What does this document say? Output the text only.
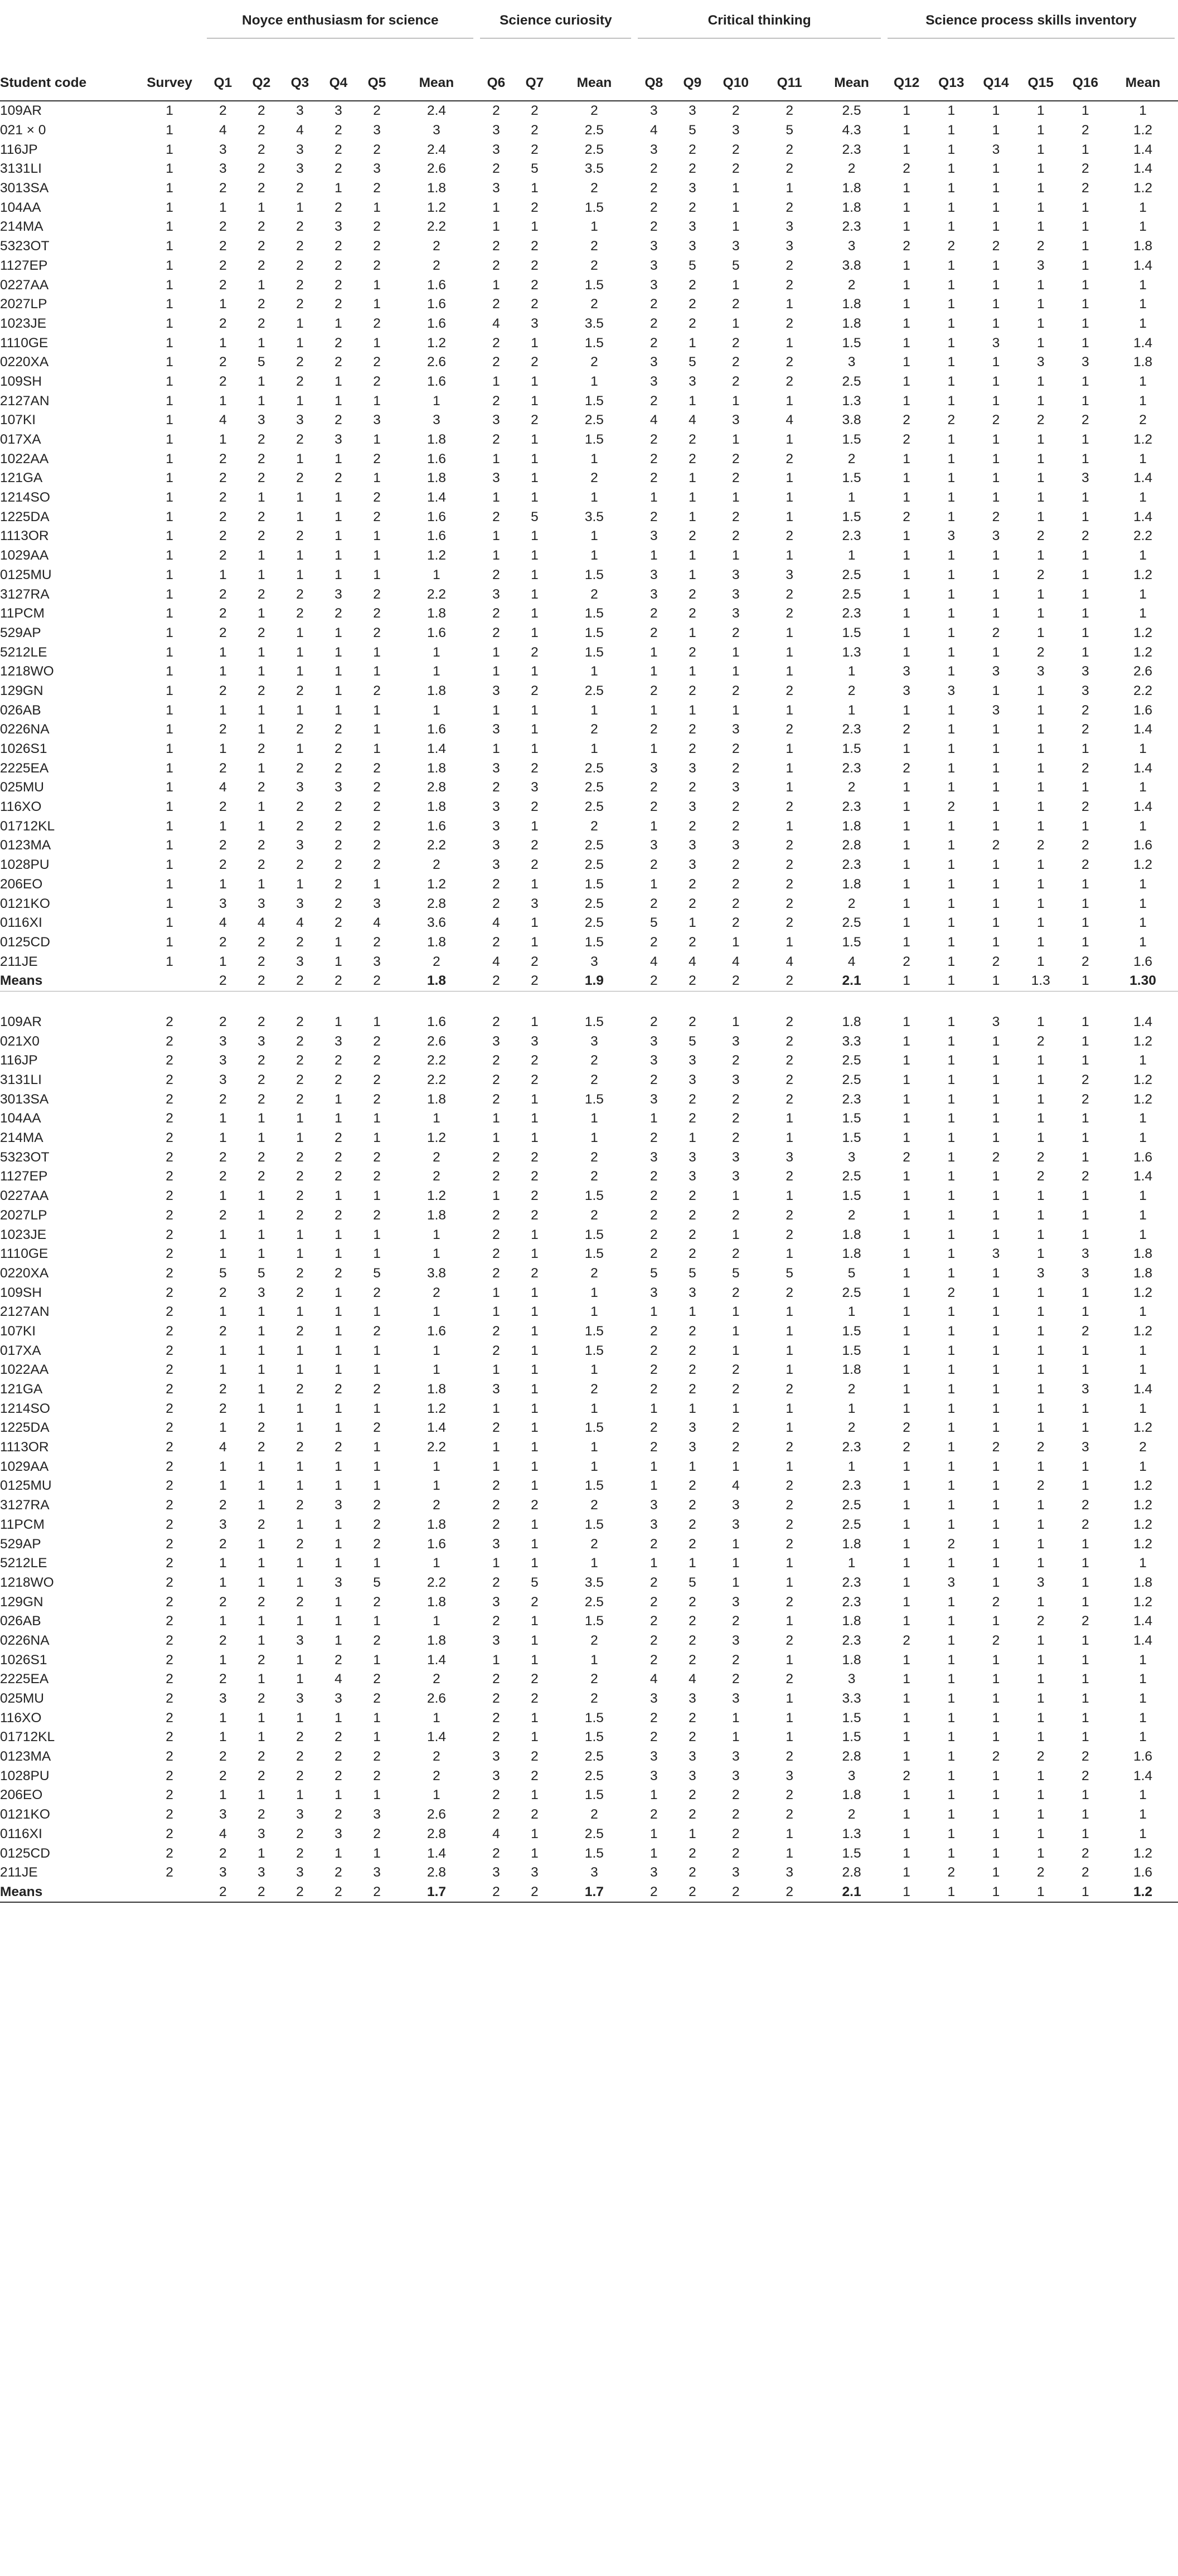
		Noyce enthusiasm for science						Science curiosity			Critical thinking					Science process skills inventory					

Student code	Survey	Q1	Q2	Q3	Q4	Q5	Mean	Q6	Q7	Mean	Q8	Q9	Q10	Q11	Mean	Q12	Q13	Q14	Q15	Q16	Mean
109AR	1	2	2	3	3	2	2.4	2	2	2	3	3	2	2	2.5	1	1	1	1	1	1
021 × 0	1	4	2	4	2	3	3	3	2	2.5	4	5	3	5	4.3	1	1	1	1	2	1.2
116JP	1	3	2	3	2	2	2.4	3	2	2.5	3	2	2	2	2.3	1	1	3	1	1	1.4
3131LI	1	3	2	3	2	3	2.6	2	5	3.5	2	2	2	2	2	2	1	1	1	2	1.4
3013SA	1	2	2	2	1	2	1.8	3	1	2	2	3	1	1	1.8	1	1	1	1	2	1.2
104AA	1	1	1	1	2	1	1.2	1	2	1.5	2	2	1	2	1.8	1	1	1	1	1	1
214MA	1	2	2	2	3	2	2.2	1	1	1	2	3	1	3	2.3	1	1	1	1	1	1
5323OT	1	2	2	2	2	2	2	2	2	2	3	3	3	3	3	2	2	2	2	1	1.8
1127EP	1	2	2	2	2	2	2	2	2	2	3	5	5	2	3.8	1	1	1	3	1	1.4
0227AA	1	2	1	2	2	1	1.6	1	2	1.5	3	2	1	2	2	1	1	1	1	1	1
2027LP	1	1	2	2	2	1	1.6	2	2	2	2	2	2	1	1.8	1	1	1	1	1	1
1023JE	1	2	2	1	1	2	1.6	4	3	3.5	2	2	1	2	1.8	1	1	1	1	1	1
1110GE	1	1	1	1	2	1	1.2	2	1	1.5	2	1	2	1	1.5	1	1	3	1	1	1.4
0220XA	1	2	5	2	2	2	2.6	2	2	2	3	5	2	2	3	1	1	1	3	3	1.8
109SH	1	2	1	2	1	2	1.6	1	1	1	3	3	2	2	2.5	1	1	1	1	1	1
2127AN	1	1	1	1	1	1	1	2	1	1.5	2	1	1	1	1.3	1	1	1	1	1	1
107KI	1	4	3	3	2	3	3	3	2	2.5	4	4	3	4	3.8	2	2	2	2	2	2
017XA	1	1	2	2	3	1	1.8	2	1	1.5	2	2	1	1	1.5	2	1	1	1	1	1.2
1022AA	1	2	2	1	1	2	1.6	1	1	1	2	2	2	2	2	1	1	1	1	1	1
121GA	1	2	2	2	2	1	1.8	3	1	2	2	1	2	1	1.5	1	1	1	1	3	1.4
1214SO	1	2	1	1	1	2	1.4	1	1	1	1	1	1	1	1	1	1	1	1	1	1
1225DA	1	2	2	1	1	2	1.6	2	5	3.5	2	1	2	1	1.5	2	1	2	1	1	1.4
1113OR	1	2	2	2	1	1	1.6	1	1	1	3	2	2	2	2.3	1	3	3	2	2	2.2
1029AA	1	2	1	1	1	1	1.2	1	1	1	1	1	1	1	1	1	1	1	1	1	1
0125MU	1	1	1	1	1	1	1	2	1	1.5	3	1	3	3	2.5	1	1	1	2	1	1.2
3127RA	1	2	2	2	3	2	2.2	3	1	2	3	2	3	2	2.5	1	1	1	1	1	1
11PCM	1	2	1	2	2	2	1.8	2	1	1.5	2	2	3	2	2.3	1	1	1	1	1	1
529AP	1	2	2	1	1	2	1.6	2	1	1.5	2	1	2	1	1.5	1	1	2	1	1	1.2
5212LE	1	1	1	1	1	1	1	1	2	1.5	1	2	1	1	1.3	1	1	1	2	1	1.2
1218WO	1	1	1	1	1	1	1	1	1	1	1	1	1	1	1	3	1	3	3	3	2.6
129GN	1	2	2	2	1	2	1.8	3	2	2.5	2	2	2	2	2	3	3	1	1	3	2.2
026AB	1	1	1	1	1	1	1	1	1	1	1	1	1	1	1	1	1	3	1	2	1.6
0226NA	1	2	1	2	2	1	1.6	3	1	2	2	2	3	2	2.3	2	1	1	1	2	1.4
1026S1	1	1	2	1	2	1	1.4	1	1	1	1	2	2	1	1.5	1	1	1	1	1	1
2225EA	1	2	1	2	2	2	1.8	3	2	2.5	3	3	2	1	2.3	2	1	1	1	2	1.4
025MU	1	4	2	3	3	2	2.8	2	3	2.5	2	2	3	1	2	1	1	1	1	1	1
116XO	1	2	1	2	2	2	1.8	3	2	2.5	2	3	2	2	2.3	1	2	1	1	2	1.4
01712KL	1	1	1	2	2	2	1.6	3	1	2	1	2	2	1	1.8	1	1	1	1	1	1
0123MA	1	2	2	3	2	2	2.2	3	2	2.5	3	3	3	2	2.8	1	1	2	2	2	1.6
1028PU	1	2	2	2	2	2	2	3	2	2.5	2	3	2	2	2.3	1	1	1	1	2	1.2
206EO	1	1	1	1	2	1	1.2	2	1	1.5	1	2	2	2	1.8	1	1	1	1	1	1
0121KO	1	3	3	3	2	3	2.8	2	3	2.5	2	2	2	2	2	1	1	1	1	1	1
0116XI	1	4	4	4	2	4	3.6	4	1	2.5	5	1	2	2	2.5	1	1	1	1	1	1
0125CD	1	2	2	2	1	2	1.8	2	1	1.5	2	2	1	1	1.5	1	1	1	1	1	1
211JE	1	1	2	3	1	3	2	4	2	3	4	4	4	4	4	2	1	2	1	2	1.6
Means		2	2	2	2	2	1.8	2	2	1.9	2	2	2	2	2.1	1	1	1	1.3	1	1.30

109AR	2	2	2	2	1	1	1.6	2	1	1.5	2	2	1	2	1.8	1	1	3	1	1	1.4
021X0	2	3	3	2	3	2	2.6	3	3	3	3	5	3	2	3.3	1	1	1	2	1	1.2
116JP	2	3	2	2	2	2	2.2	2	2	2	3	3	2	2	2.5	1	1	1	1	1	1
3131LI	2	3	2	2	2	2	2.2	2	2	2	2	3	3	2	2.5	1	1	1	1	2	1.2
3013SA	2	2	2	2	1	2	1.8	2	1	1.5	3	2	2	2	2.3	1	1	1	1	2	1.2
104AA	2	1	1	1	1	1	1	1	1	1	1	2	2	1	1.5	1	1	1	1	1	1
214MA	2	1	1	1	2	1	1.2	1	1	1	2	1	2	1	1.5	1	1	1	1	1	1
5323OT	2	2	2	2	2	2	2	2	2	2	3	3	3	3	3	2	1	2	2	1	1.6
1127EP	2	2	2	2	2	2	2	2	2	2	2	3	3	2	2.5	1	1	1	2	2	1.4
0227AA	2	1	1	2	1	1	1.2	1	2	1.5	2	2	1	1	1.5	1	1	1	1	1	1
2027LP	2	2	1	2	2	2	1.8	2	2	2	2	2	2	2	2	1	1	1	1	1	1
1023JE	2	1	1	1	1	1	1	2	1	1.5	2	2	1	2	1.8	1	1	1	1	1	1
1110GE	2	1	1	1	1	1	1	2	1	1.5	2	2	2	1	1.8	1	1	3	1	3	1.8
0220XA	2	5	5	2	2	5	3.8	2	2	2	5	5	5	5	5	1	1	1	3	3	1.8
109SH	2	2	3	2	1	2	2	1	1	1	3	3	2	2	2.5	1	2	1	1	1	1.2
2127AN	2	1	1	1	1	1	1	1	1	1	1	1	1	1	1	1	1	1	1	1	1
107KI	2	2	1	2	1	2	1.6	2	1	1.5	2	2	1	1	1.5	1	1	1	1	2	1.2
017XA	2	1	1	1	1	1	1	2	1	1.5	2	2	1	1	1.5	1	1	1	1	1	1
1022AA	2	1	1	1	1	1	1	1	1	1	2	2	2	1	1.8	1	1	1	1	1	1
121GA	2	2	1	2	2	2	1.8	3	1	2	2	2	2	2	2	1	1	1	1	3	1.4
1214SO	2	2	1	1	1	1	1.2	1	1	1	1	1	1	1	1	1	1	1	1	1	1
1225DA	2	1	2	1	1	2	1.4	2	1	1.5	2	3	2	1	2	2	1	1	1	1	1.2
1113OR	2	4	2	2	2	1	2.2	1	1	1	2	3	2	2	2.3	2	1	2	2	3	2
1029AA	2	1	1	1	1	1	1	1	1	1	1	1	1	1	1	1	1	1	1	1	1
0125MU	2	1	1	1	1	1	1	2	1	1.5	1	2	4	2	2.3	1	1	1	2	1	1.2
3127RA	2	2	1	2	3	2	2	2	2	2	3	2	3	2	2.5	1	1	1	1	2	1.2
11PCM	2	3	2	1	1	2	1.8	2	1	1.5	3	2	3	2	2.5	1	1	1	1	2	1.2
529AP	2	2	1	2	1	2	1.6	3	1	2	2	2	1	2	1.8	1	2	1	1	1	1.2
5212LE	2	1	1	1	1	1	1	1	1	1	1	1	1	1	1	1	1	1	1	1	1
1218WO	2	1	1	1	3	5	2.2	2	5	3.5	2	5	1	1	2.3	1	3	1	3	1	1.8
129GN	2	2	2	2	1	2	1.8	3	2	2.5	2	2	3	2	2.3	1	1	2	1	1	1.2
026AB	2	1	1	1	1	1	1	2	1	1.5	2	2	2	1	1.8	1	1	1	2	2	1.4
0226NA	2	2	1	3	1	2	1.8	3	1	2	2	2	3	2	2.3	2	1	2	1	1	1.4
1026S1	2	1	2	1	2	1	1.4	1	1	1	2	2	2	1	1.8	1	1	1	1	1	1
2225EA	2	2	1	1	4	2	2	2	2	2	4	4	2	2	3	1	1	1	1	1	1
025MU	2	3	2	3	3	2	2.6	2	2	2	3	3	3	1	3.3	1	1	1	1	1	1
116XO	2	1	1	1	1	1	1	2	1	1.5	2	2	1	1	1.5	1	1	1	1	1	1
01712KL	2	1	1	2	2	1	1.4	2	1	1.5	2	2	1	1	1.5	1	1	1	1	1	1
0123MA	2	2	2	2	2	2	2	3	2	2.5	3	3	3	2	2.8	1	1	2	2	2	1.6
1028PU	2	2	2	2	2	2	2	3	2	2.5	3	3	3	3	3	2	1	1	1	2	1.4
206EO	2	1	1	1	1	1	1	2	1	1.5	1	2	2	2	1.8	1	1	1	1	1	1
0121KO	2	3	2	3	2	3	2.6	2	2	2	2	2	2	2	2	1	1	1	1	1	1
0116XI	2	4	3	2	3	2	2.8	4	1	2.5	1	1	2	1	1.3	1	1	1	1	1	1
0125CD	2	2	1	2	1	1	1.4	2	1	1.5	1	2	2	1	1.5	1	1	1	1	2	1.2
211JE	2	3	3	3	2	3	2.8	3	3	3	3	2	3	3	2.8	1	2	1	2	2	1.6
Means		2	2	2	2	2	1.7	2	2	1.7	2	2	2	2	2.1	1	1	1	1	1	1.2
